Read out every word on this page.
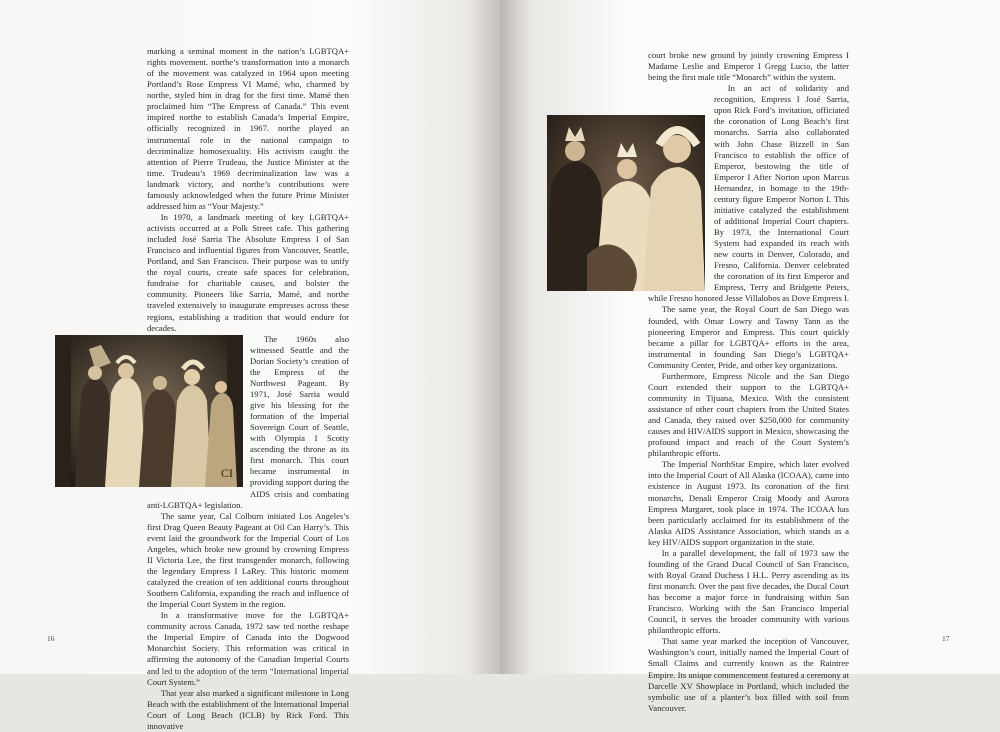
marking a seminal moment in the nation’s LGBTQA+ rights movement. northe’s transformation into a monarch of the movement was catalyzed in 1964 upon meeting Portland’s Rose Empress VI Mamé, who, charmed by northe, styled him in drag for the first time. Mamé then proclaimed him “The Empress of Canada.” This event inspired northe to establish Canada’s Imperial Empire, officially recognized in 1967. northe played an instrumental role in the national campaign to decriminalize homosexuality. His activism caught the attention of Pierre Trudeau, the Justice Minister at the time. Trudeau’s 1969 decriminalization law was a landmark victory, and northe’s contributions were famously acknowledged when the future Prime Minister addressed him as “Your Majesty.”

In 1970, a landmark meeting of key LGBTQA+ activists occurred at a Polk Street cafe. This gathering included José Sarria The Absolute Empress I of San Francisco and influential figures from Vancouver, Seattle, Portland, and San Francisco. Their purpose was to unify the royal courts, create safe spaces for celebration, fundraise for charitable causes, and bolster the community. Pioneers like Sarria, Mamé, and northe traveled extensively to inaugurate empresses across these regions, establishing a tradition that would endure for decades.

CI

The 1960s also witnessed Seattle and the Dorian Society’s creation of the Empress of the Northwest Pageant. By 1971, José Sarria would give his blessing for the formation of the Imperial Sovereign Court of Seattle, with Olympia I Scotty ascending the throne as its first monarch. This court became instrumental in providing support during the AIDS crisis and combating anti-LGBTQA+ legislation.

The same year, Cal Colburn initiated Los Angeles’s first Drag Queen Beauty Pageant at Oil Can Harry’s. This event laid the groundwork for the Imperial Court of Los Angeles, which broke new ground by crowning Empress II Victoria Lee, the first transgender monarch, following the legendary Empress I LaRey. This historic moment catalyzed the creation of ten additional courts throughout Southern California, expanding the reach and influence of the Imperial Court System in the region.

In a transformative move for the LGBTQA+ community across Canada, 1972 saw ted northe reshape the Imperial Empire of Canada into the Dogwood Monarchist Society. This reformation was critical in affirming the autonomy of the Canadian Imperial Courts and led to the adoption of the term “International Imperial Court System.”

That year also marked a significant milestone in Long Beach with the establishment of the International Imperial Court of Long Beach (ICLB) by Rick Ford. This innovative

16

court broke new ground by jointly crowning Empress I Madame Leslie and Emperor I Gregg Lucio, the latter being the first male title “Monarch” within the system.

In an act of solidarity and recognition, Empress I José Sarria, upon Rick Ford’s invitation, officiated the coronation of Long Beach’s first monarchs. Sarria also collaborated with John Chase Bizzell in San Francisco to establish the office of Emperor, bestowing the title of Emperor I After Norton upon Marcus Hernandez, in homage to the 19th-century figure Emperor Norton I. This initiative catalyzed the establishment of additional Imperial Court chapters. By 1973, the International Court System had expanded its reach with new courts in Denver, Colorado, and Fresno, California. Denver celebrated the coronation of its first Emperor and Empress, Terry and Bridgette Peters, while Fresno honored Jesse Villalobos as Dove Empress I.

The same year, the Royal Court de San Diego was founded, with Omar Lowry and Tawny Tann as the pioneering Emperor and Empress. This court quickly became a pillar for LGBTQA+ efforts in the area, instrumental in founding San Diego’s LGBTQA+ Community Center, Pride, and other key organizations.

Furthermore, Empress Nicole and the San Diego Court extended their support to the LGBTQA+ community in Tijuana, Mexico. With the consistent assistance of other court chapters from the United States and Canada, they raised over $250,000 for community causes and HIV/AIDS support in Mexico, showcasing the profound impact and reach of the Court System’s philanthropic efforts.

The Imperial NorthStar Empire, which later evolved into the Imperial Court of All Alaska (ICOAA), came into existence in August 1973. Its coronation of the first monarchs, Denali Emperor Craig Moody and Aurora Empress Margaret, took place in 1974. The ICOAA has been particularly acclaimed for its establishment of the Alaska AIDS Assistance Association, which stands as a key HIV/AIDS support organization in the state.

In a parallel development, the fall of 1973 saw the founding of the Grand Ducal Council of San Francisco, with Royal Grand Duchess I H.L. Perry ascending as its first monarch. Over the past five decades, the Ducal Court has become a major force in fundraising within San Francisco. Working with the San Francisco Imperial Council, it serves the broader community with various philanthropic efforts.

That same year marked the inception of Vancouver, Washington’s court, initially named the Imperial Court of Small Claims and currently known as the Raintree Empire. Its unique commencement featured a ceremony at Darcelle XV Showplace in Portland, which included the symbolic use of a planter’s box filled with soil from Vancouver.

17
